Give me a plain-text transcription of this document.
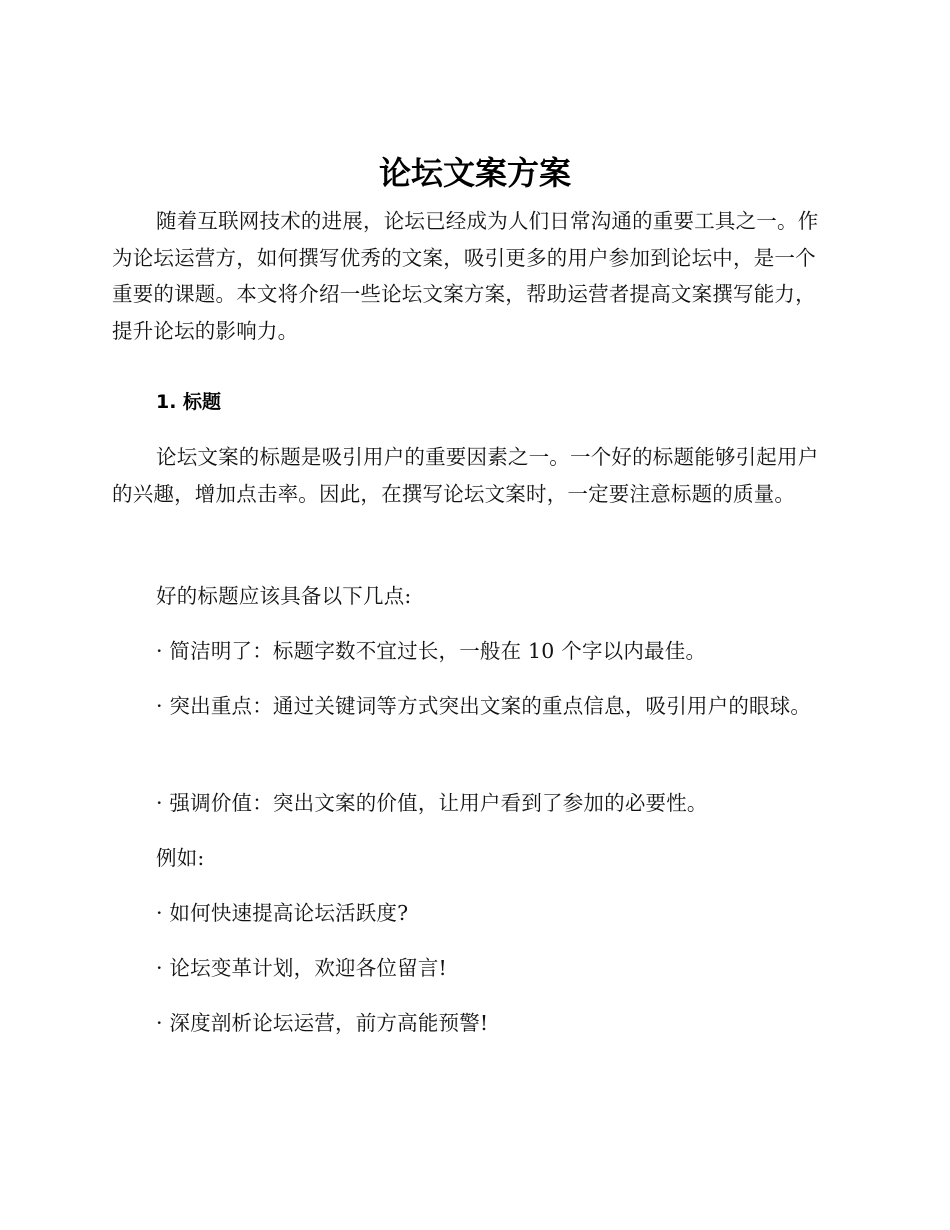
论坛文案方案

随着互联网技术的进展，论坛已经成为人们日常沟通的重要工具之一。作为论坛运营方，如何撰写优秀的文案，吸引更多的用户参加到论坛中，是一个重要的课题。本文将介绍一些论坛文案方案，帮助运营者提高文案撰写能力，提升论坛的影响力。

1. 标题

论坛文案的标题是吸引用户的重要因素之一。一个好的标题能够引起用户的兴趣，增加点击率。因此，在撰写论坛文案时，一定要注意标题的质量。

好的标题应该具备以下几点:

· 简洁明了：标题字数不宜过长，一般在 10 个字以内最佳。

· 突出重点：通过关键词等方式突出文案的重点信息，吸引用户的眼球。

· 强调价值：突出文案的价值，让用户看到了参加的必要性。

例如:

· 如何快速提高论坛活跃度?

· 论坛变革计划，欢迎各位留言!

· 深度剖析论坛运营，前方高能预警!
